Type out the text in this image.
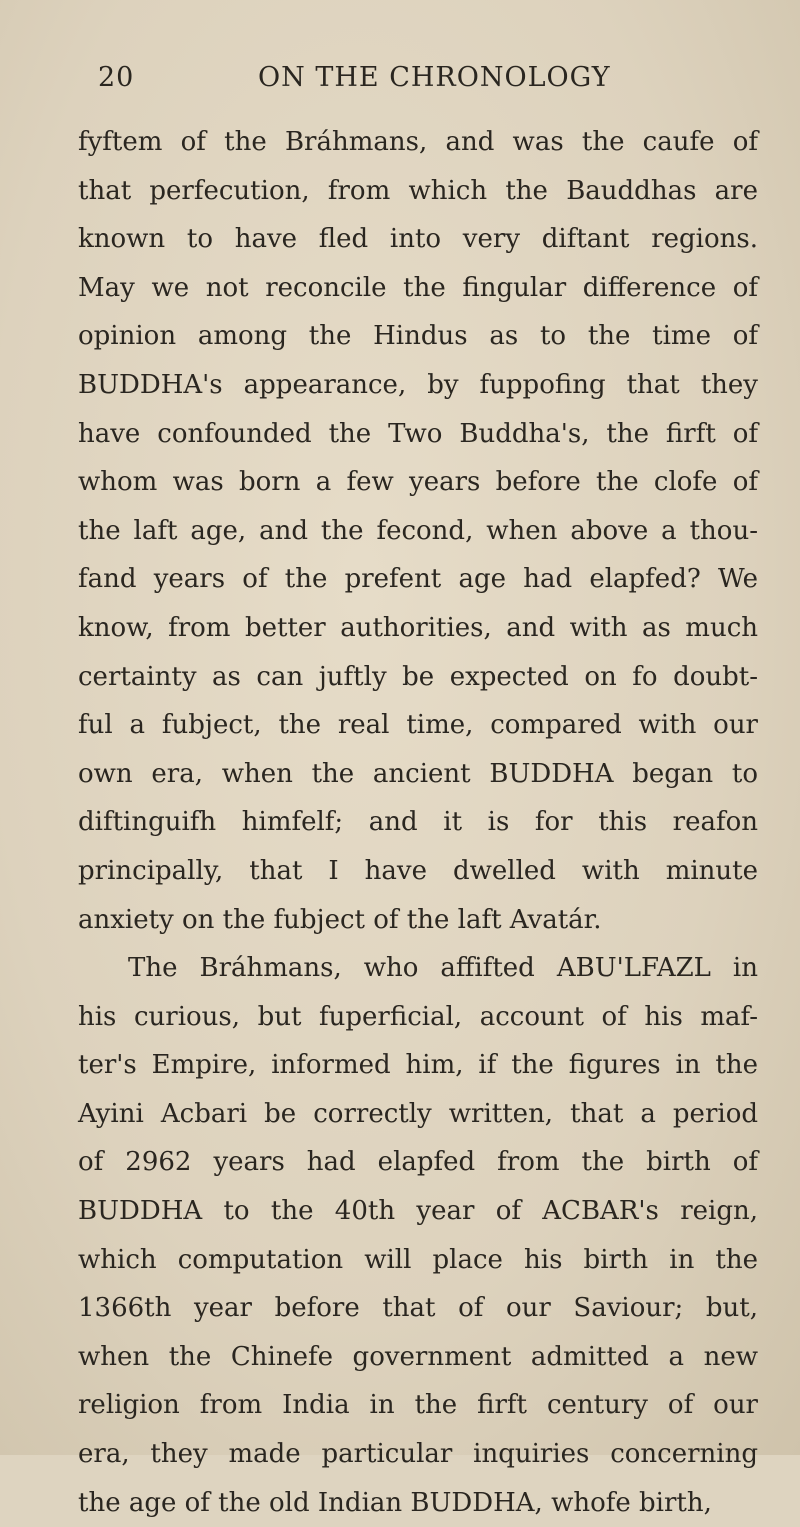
20	ON THE CHRONOLOGY
fyftem of the Bráhmans, and was the caufe of
that perfecution, from which the Bauddhas are
known to have fled into very diftant regions.
May we not reconcile the fingular difference of
opinion among the Hindus as to the time of
BUDDHA's appearance, by fuppofing that they
have confounded the Two Buddha's, the firft of
whom was born a few years before the clofe of
the laft age, and the fecond, when above a thou-
fand years of the prefent age had elapfed? We
know, from better authorities, and with as much
certainty as can juftly be expected on fo doubt-
ful a fubject, the real time, compared with our
own era, when the ancient BUDDHA began to
diftinguifh himfelf; and it is for this reafon
principally, that I have dwelled with minute
anxiety on the fubject of the laft Avatár.
The Bráhmans, who affifted ABU'LFAZL in
his curious, but fuperficial, account of his maf-
ter's Empire, informed him, if the figures in the
Ayini Acbari be correctly written, that a period
of 2962 years had elapfed from the birth of
BUDDHA to the 40th year of ACBAR's reign,
which computation will place his birth in the
1366th year before that of our Saviour; but,
when the Chinefe government admitted a new
religion from India in the firft century of our
era, they made particular inquiries concerning
the age of the old Indian BUDDHA, whofe birth,
